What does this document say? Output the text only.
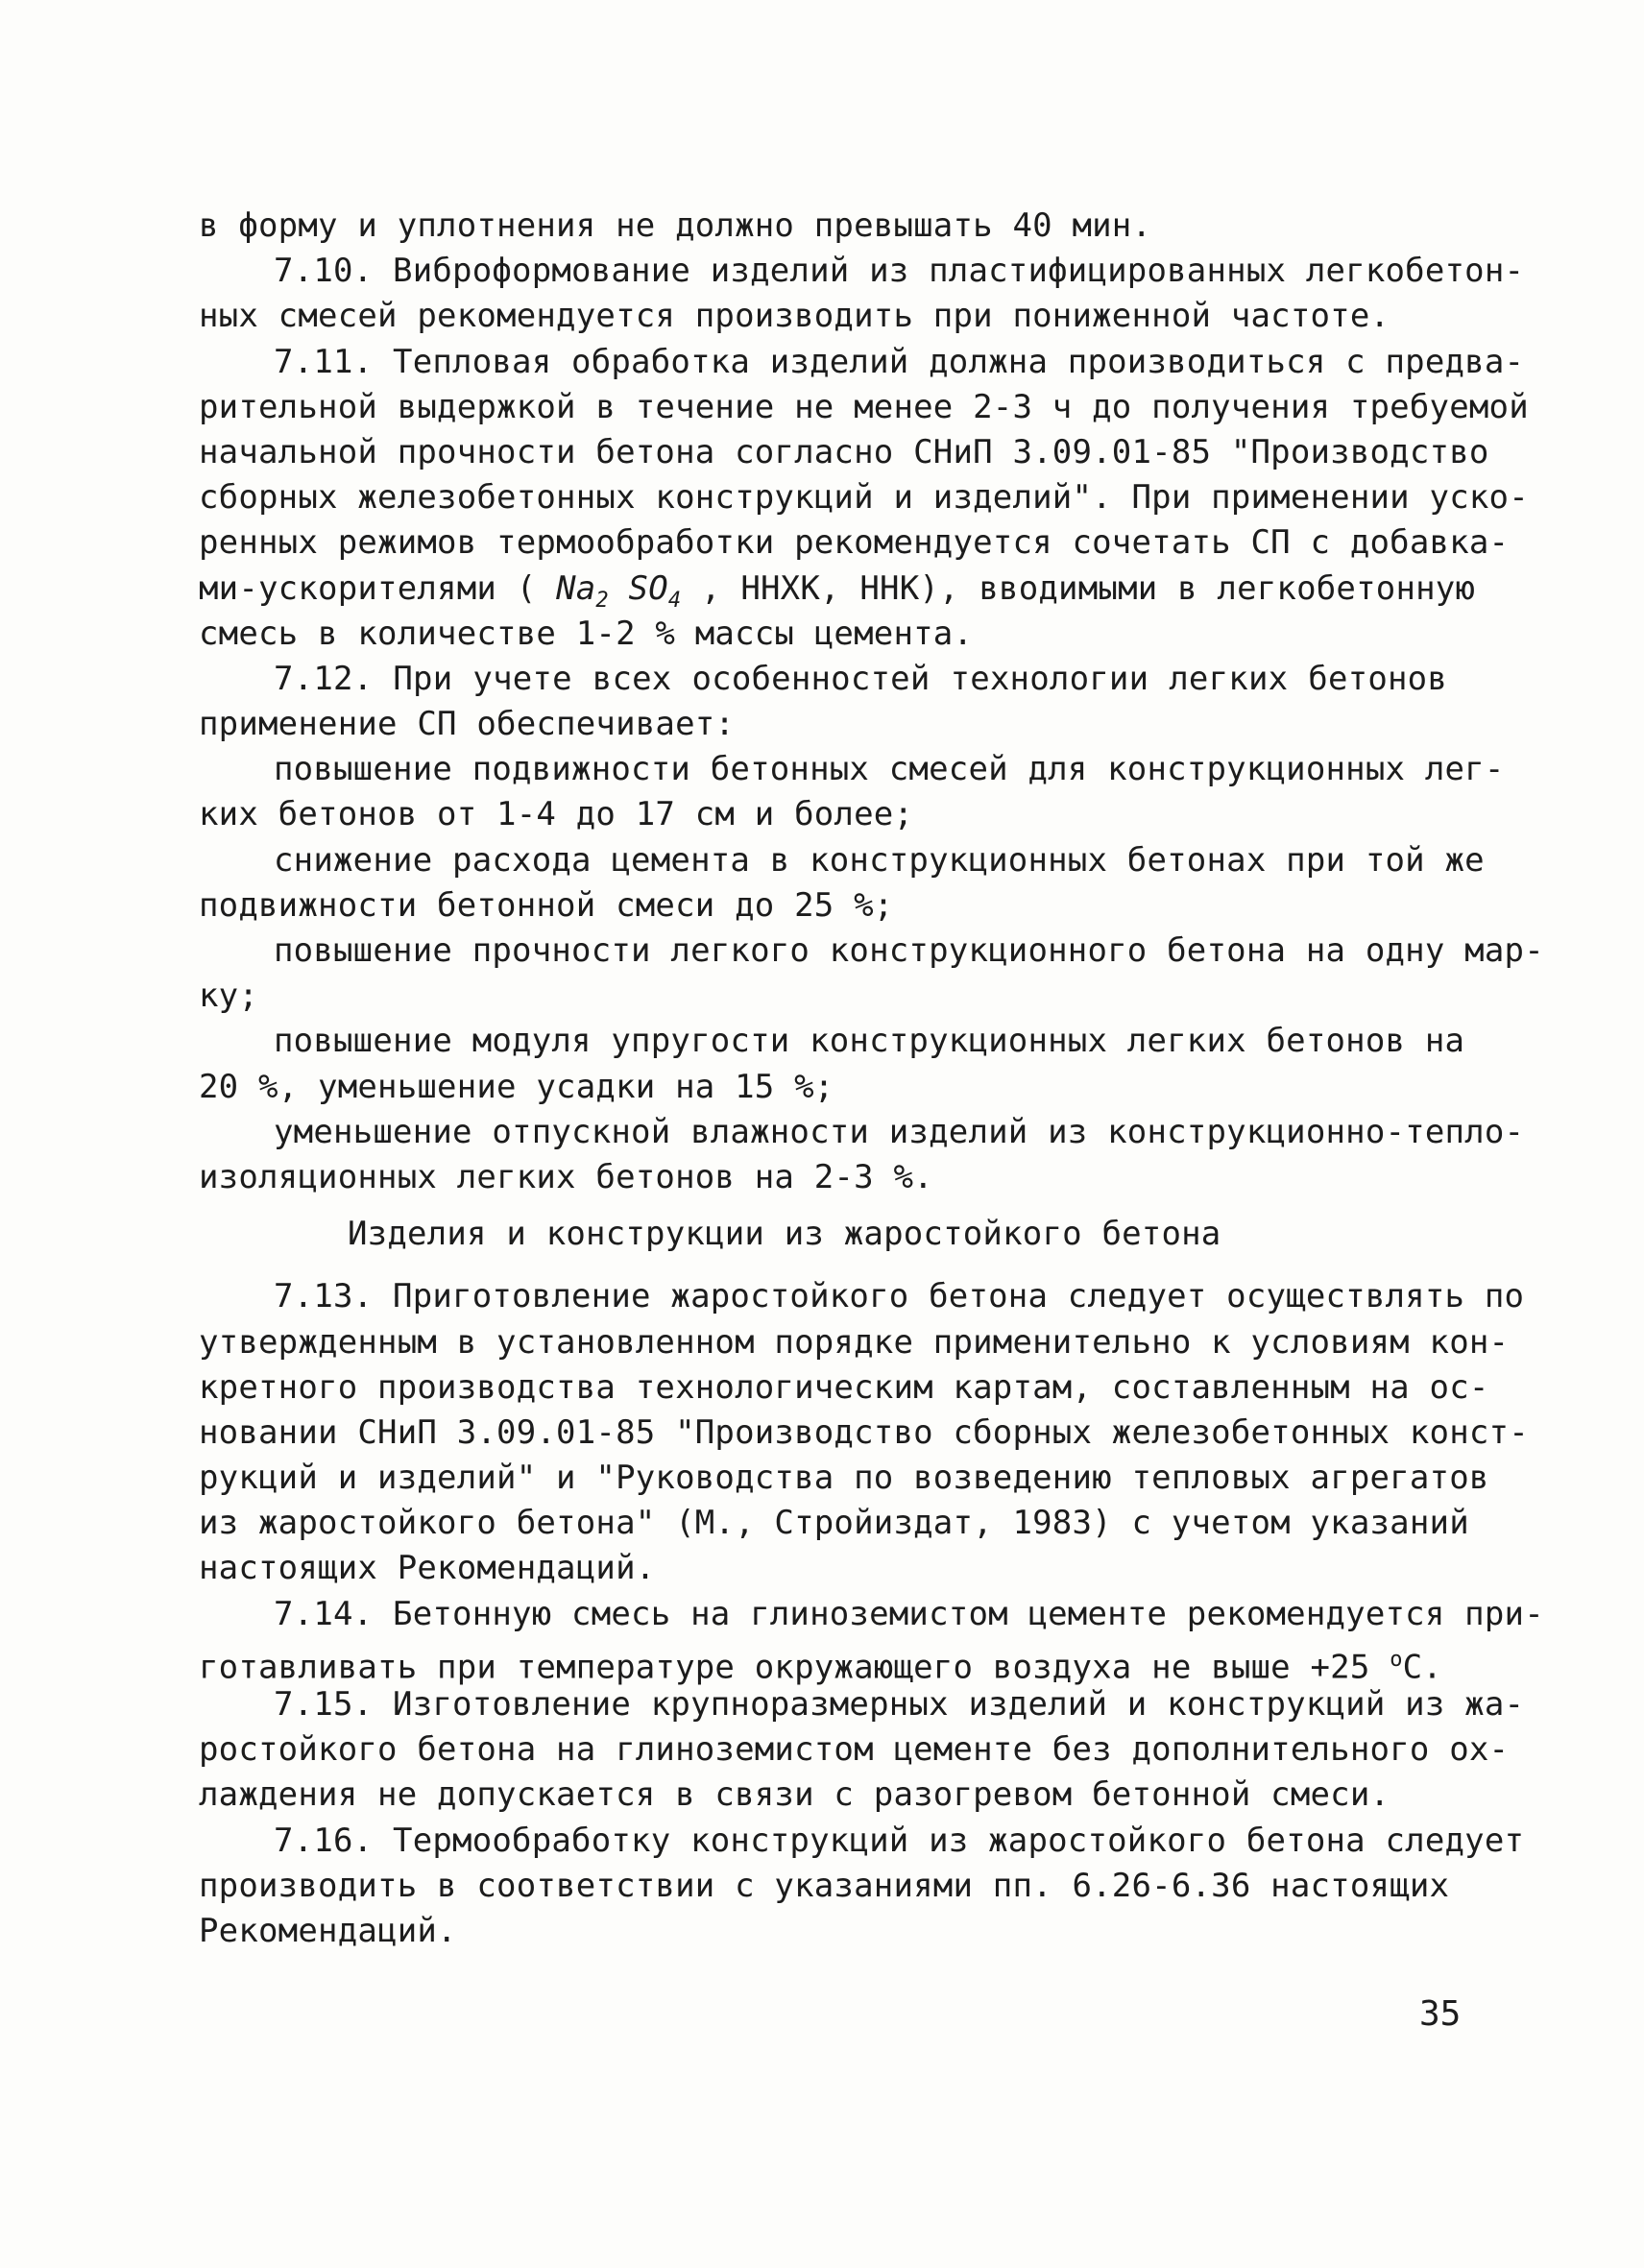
в форму и уплотнения не должно превышать 40 мин.
7.10. Виброформование изделий из пластифицированных легкобетон-
ных смесей рекомендуется производить при пониженной частоте.
7.11. Тепловая обработка изделий должна производиться с предва-
рительной выдержкой в течение не менее 2-3 ч до получения требуемой
начальной прочности бетона согласно СНиП 3.09.01-85 "Производство
сборных железобетонных конструкций и изделий". При применении уско-
ренных режимов термообработки рекомендуется сочетать СП с добавка-
ми-ускорителями ( $Na_2$ $SO_4$ , ННХК, ННК), вводимыми в легкобетонную
смесь в количестве 1-2 % массы цемента.
7.12. При учете всех особенностей технологии легких бетонов
применение СП обеспечивает:
повышение подвижности бетонных смесей для конструкционных лег-
ких бетонов от 1-4 до 17 см и более;
снижение расхода цемента в конструкционных бетонах при той же
подвижности бетонной смеси до 25 %;
повышение прочности легкого конструкционного бетона на одну мар-
ку;
повышение модуля упругости конструкционных легких бетонов на
20 %, уменьшение усадки на 15 %;
уменьшение отпускной влажности изделий из конструкционно-тепло-
изоляционных легких бетонов на 2-3 %.
Изделия и конструкции из жаростойкого бетона
7.13. Приготовление жаростойкого бетона следует осуществлять по
утвержденным в установленном порядке применительно к условиям кон-
кретного производства технологическим картам, составленным на ос-
новании СНиП 3.09.01-85 "Производство сборных железобетонных конст-
рукций и изделий" и "Руководства по возведению тепловых агрегатов
из жаростойкого бетона" (М., Стройиздат, 1983) с учетом указаний
настоящих Рекомендаций.
7.14. Бетонную смесь на глиноземистом цементе рекомендуется при-
готавливать при температуре окружающего воздуха не выше +25 $^о$С.
7.15. Изготовление крупноразмерных изделий и конструкций из жа-
ростойкого бетона на глиноземистом цементе без дополнительного ох-
лаждения не допускается в связи с разогревом бетонной смеси.
7.16. Термообработку конструкций из жаростойкого бетона следует
производить в соответствии с указаниями пп. 6.26-6.36 настоящих
Рекомендаций.
35
